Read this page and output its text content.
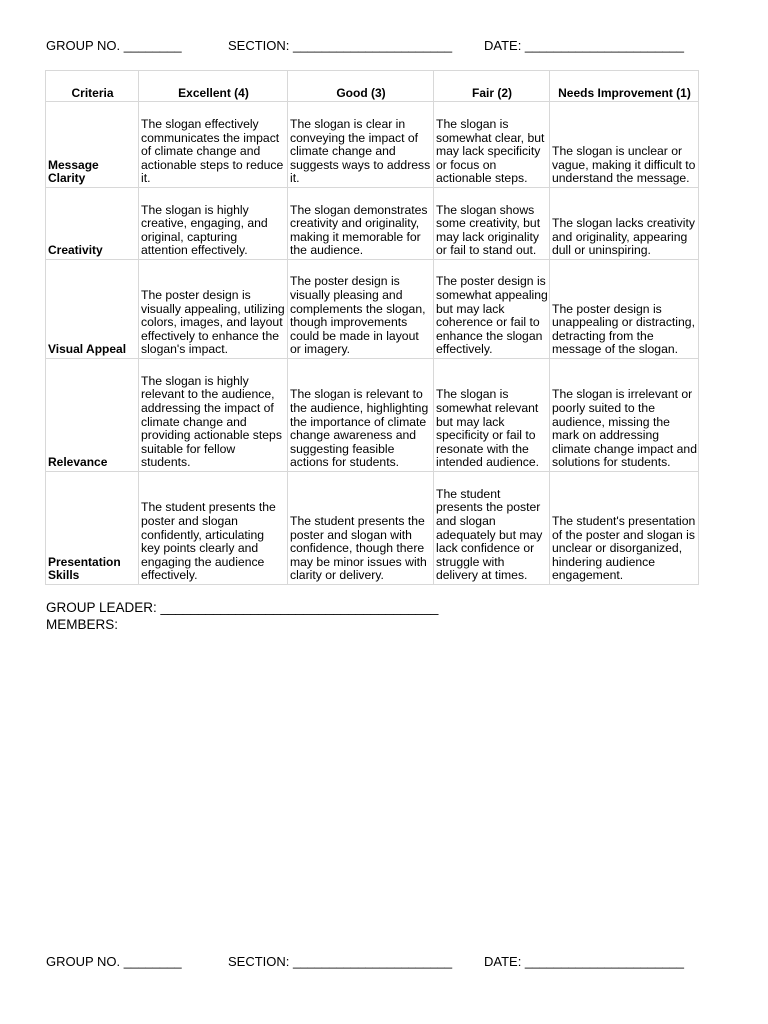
GROUP NO. ________

	SECTION: ______________________

DATE: ______________________

Criteria	Excellent (4)	Good (3)	Fair (2)	Needs Improvement (1)
Message Clarity	The slogan effectively communicates the impact of climate change and actionable steps to reduce it.	The slogan is clear in conveying the impact of climate change and suggests ways to address it.	The slogan is somewhat clear, but may lack specificity or focus on actionable steps.	The slogan is unclear or vague, making it difficult to understand the message.
Creativity	The slogan is highly creative, engaging, and original, capturing attention effectively.	The slogan demonstrates creativity and originality, making it memorable for the audience.	The slogan shows some creativity, but may lack originality or fail to stand out.	The slogan lacks creativity and originality, appearing dull or uninspiring.
Visual Appeal	The poster design is visually appealing, utilizing colors, images, and layout effectively to enhance the slogan's impact.	The poster design is visually pleasing and complements the slogan, though improvements could be made in layout or imagery.	The poster design is somewhat appealing but may lack coherence or fail to enhance the slogan effectively.	The poster design is unappealing or distracting, detracting from the message of the slogan.
Relevance	The slogan is highly relevant to the audience, addressing the impact of climate change and providing actionable steps suitable for fellow students.	The slogan is relevant to the audience, highlighting the importance of climate change awareness and suggesting feasible actions for students.	The slogan is somewhat relevant but may lack specificity or fail to resonate with the intended audience.	The slogan is irrelevant or poorly suited to the audience, missing the mark on addressing climate change impact and solutions for students.
Presentation Skills	The student presents the poster and slogan confidently, articulating key points clearly and engaging the audience effectively.	The student presents the poster and slogan with confidence, though there may be minor issues with clarity or delivery.	The student presents the poster and slogan adequately but may lack confidence or struggle with delivery at times.	The student's presentation of the poster and slogan is unclear or disorganized, hindering audience engagement.
GROUP LEADER: _____________________________________
MEMBERS:

GROUP NO. ________

	SECTION: ______________________

DATE: ______________________
